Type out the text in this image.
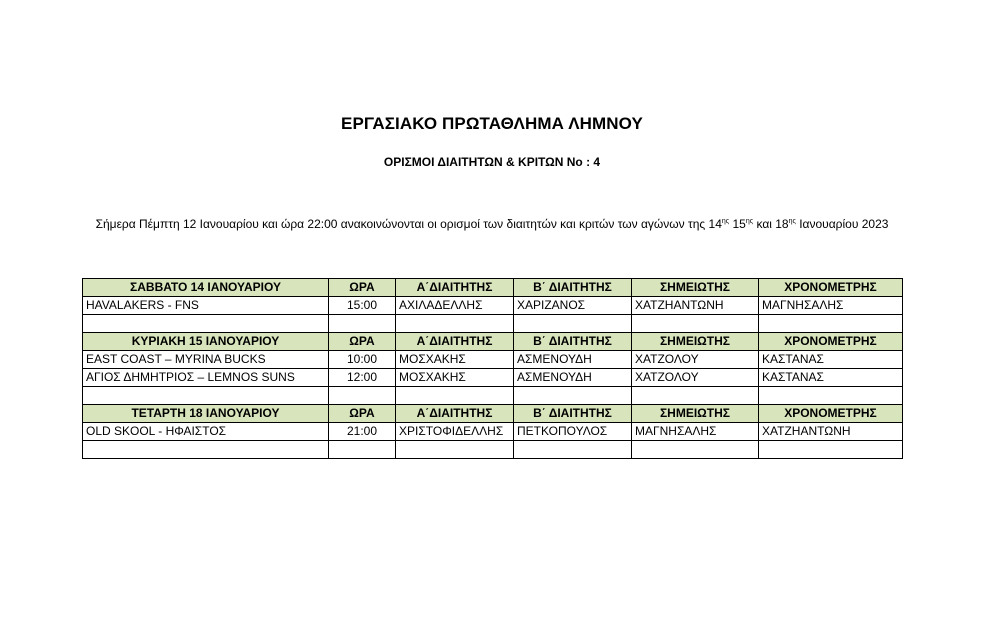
ΕΡΓΑΣΙΑΚΟ ΠΡΩΤΑΘΛΗΜΑ ΛΗΜΝΟΥ
ΟΡΙΣΜΟΙ ΔΙΑΙΤΗΤΩΝ & ΚΡΙΤΩΝ Νο : 4
Σήμερα Πέμπτη 12 Ιανουαρίου και ώρα 22:00 ανακοινώνονται οι ορισμοί των διαιτητών και κριτών των αγώνων της $14^{\eta\varsigma}$ $15^{\eta\varsigma}$ και $18^{\eta\varsigma}$ Ιανουαρίου 2023
ΣΑΒΒΑΤΟ 14 ΙΑΝΟΥΑΡΙΟΥ	ΩΡΑ	Α΄ΔΙΑΙΤΗΤΗΣ	Β΄ ΔΙΑΙΤΗΤΗΣ	ΣΗΜΕΙΩΤΗΣ	ΧΡΟΝΟΜΕΤΡΗΣ
HAVALAKERS - FNS	15:00	ΑΧΙΛΑΔΕΛΛΗΣ	ΧΑΡΙΖΑΝΟΣ	ΧΑΤΖΗΑΝΤΩΝΗ	ΜΑΓΝΗΣΑΛΗΣ

ΚΥΡΙΑΚΗ 15 ΙΑΝΟΥΑΡΙΟΥ	ΩΡΑ	Α΄ΔΙΑΙΤΗΤΗΣ	Β΄ ΔΙΑΙΤΗΤΗΣ	ΣΗΜΕΙΩΤΗΣ	ΧΡΟΝΟΜΕΤΡΗΣ
EAST COAST – MYRINA BUCKS	10:00	ΜΟΣΧΑΚΗΣ	ΑΣΜΕΝΟΥΔΗ	ΧΑΤΖΟΛΟΥ	ΚΑΣΤΑΝΑΣ
ΑΓΙΟΣ ΔΗΜΗΤΡΙΟΣ – LEMNOS SUNS	12:00	ΜΟΣΧΑΚΗΣ	ΑΣΜΕΝΟΥΔΗ	ΧΑΤΖΟΛΟΥ	ΚΑΣΤΑΝΑΣ

ΤΕΤΑΡΤΗ 18 ΙΑΝΟΥΑΡΙΟΥ	ΩΡΑ	Α΄ΔΙΑΙΤΗΤΗΣ	Β΄ ΔΙΑΙΤΗΤΗΣ	ΣΗΜΕΙΩΤΗΣ	ΧΡΟΝΟΜΕΤΡΗΣ
OLD SKOOL - ΗΦΑΙΣΤΟΣ	21:00	ΧΡΙΣΤΟΦΙΔΕΛΛΗΣ	ΠΕΤΚΟΠΟΥΛΟΣ	ΜΑΓΝΗΣΑΛΗΣ	ΧΑΤΖΗΑΝΤΩΝΗ
